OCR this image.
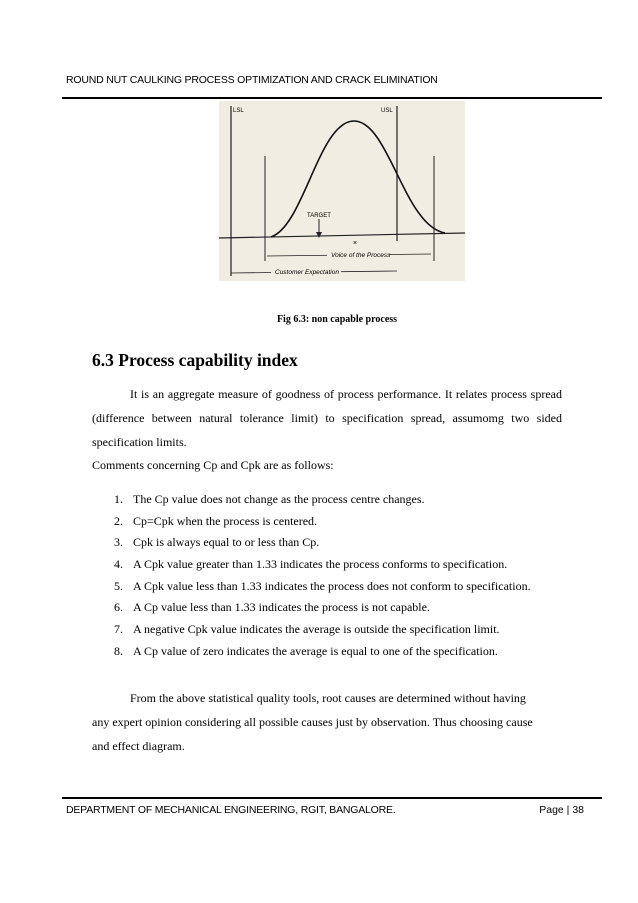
ROUND NUT CAULKING PROCESS OPTIMIZATION AND CRACK ELIMINATION
TARGET
×
Voice of the Process
Customer Expectation
LSL	USL
Fig 6.3: non capable process
6.3 Process capability index
It is an aggregate measure of goodness of process performance. It relates process spread (difference between natural tolerance limit) to specification spread, assumomg two sided specification limits.
Comments concerning Cp and Cpk are as follows:
1. The Cp value does not change as the process centre changes.
2. Cp=Cpk when the process is centered.
3. Cpk is always equal to or less than Cp.
4. A Cpk value greater than 1.33 indicates the process conforms to specification.
5. A Cpk value less than 1.33 indicates the process does not conform to specification.
6. A Cp value less than 1.33 indicates the process is not capable.
7. A negative Cpk value indicates the average is outside the specification limit.
8. A Cp value of zero indicates the average is equal to one of the specification.
From the above statistical quality tools, root causes are determined without having
any expert opinion considering all possible causes just by observation. Thus choosing cause
and effect diagram.
DEPARTMENT OF MECHANICAL ENGINEERING, RGIT, BANGALORE.	Page | 38
